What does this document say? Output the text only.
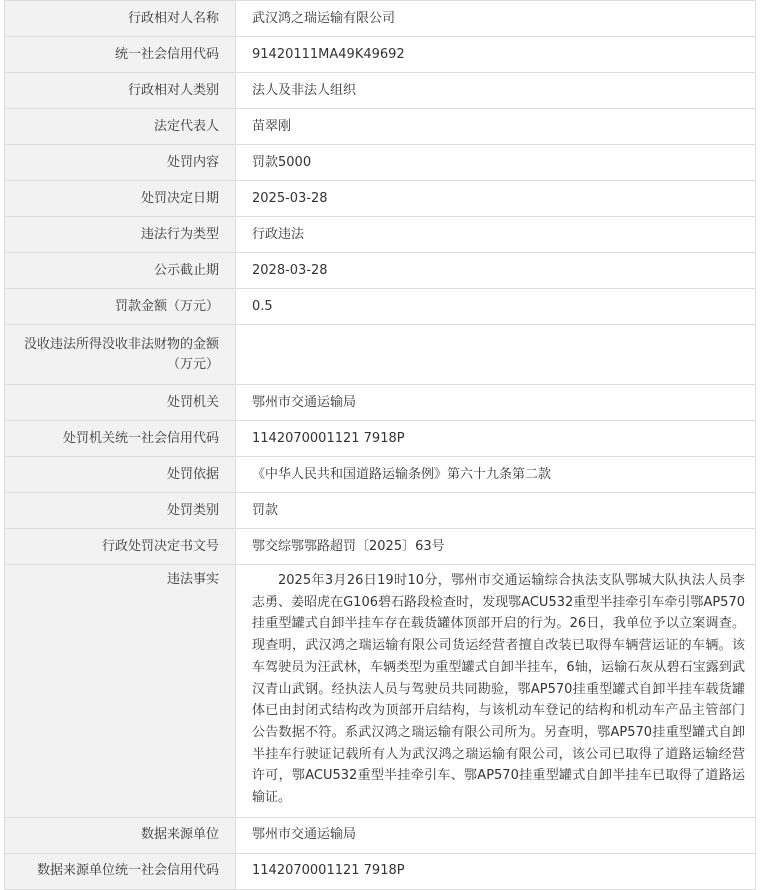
行政相对人名称	武汉鸿之瑞运输有限公司
统一社会信用代码	91420111MA49K49692
行政相对人类别	法人及非法人组织
法定代表人	苗翠刚
处罚内容	罚款5000
处罚决定日期	2025-03-28
违法行为类型	行政违法
公示截止期	2028-03-28
罚款金额（万元）	0.5
没收违法所得没收非法财物的金额（万元）	
处罚机关	鄂州市交通运输局
处罚机关统一社会信用代码	1142070001121 7918P
处罚依据	《中华人民共和国道路运输条例》第六十九条第二款
处罚类别	罚款
行政处罚决定书文号	鄂交综鄂鄂路超罚〔2025〕63号
违法事实	2025年3月26日19时10分，鄂州市交通运输综合执法支队鄂城大队执法人员李志勇、姜昭虎在G106碧石路段检查时，发现鄂ACU532重型半挂牵引车牵引鄂AP570挂重型罐式自卸半挂车存在载货罐体顶部开启的行为。26日，我单位予以立案调查。现查明，武汉鸿之瑞运输有限公司货运经营者擅自改装已取得车辆营运证的车辆。该车驾驶员为汪武林，车辆类型为重型罐式自卸半挂车，6轴，运输石灰从碧石宝露到武汉青山武钢。经执法人员与驾驶员共同勘验，鄂AP570挂重型罐式自卸半挂车载货罐体已由封闭式结构改为顶部开启结构，与该机动车登记的结构和机动车产品主管部门公告数据不符。系武汉鸿之瑞运输有限公司所为。另查明，鄂AP570挂重型罐式自卸半挂车行驶证记载所有人为武汉鸿之瑞运输有限公司，该公司已取得了道路运输经营许可，鄂ACU532重型半挂牵引车、鄂AP570挂重型罐式自卸半挂车已取得了道路运输证。
数据来源单位	鄂州市交通运输局
数据来源单位统一社会信用代码	1142070001121 7918P
